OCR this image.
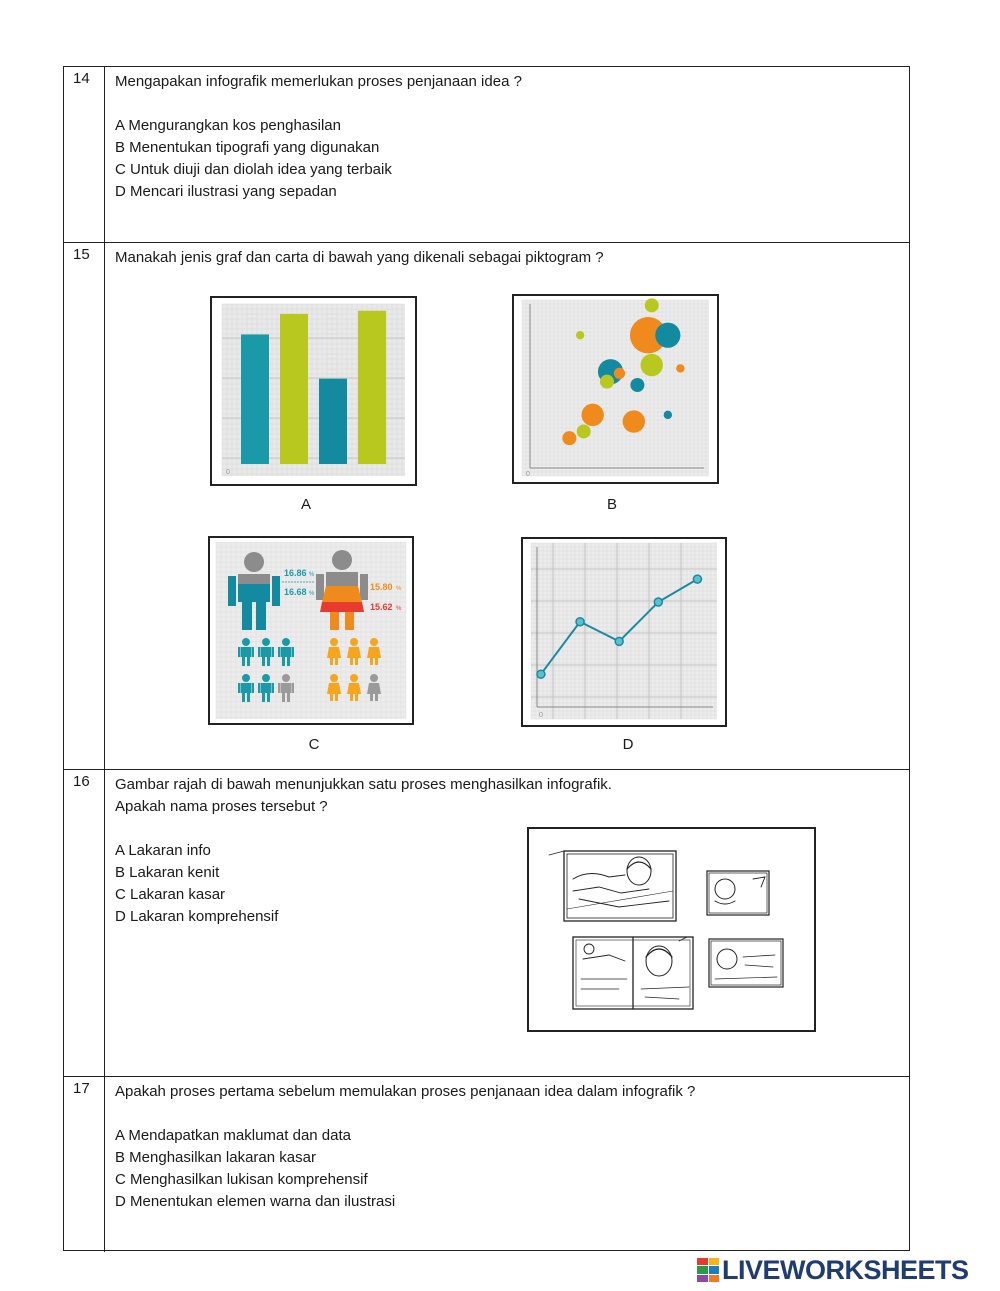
14 Mengapakan infografik memerlukan proses penjanaan idea ?

A Mengurangkan kos penghasilan
B Menentukan tipografi yang digunakan
C Untuk diuji dan diolah idea yang terbaik
D Mencari ilustrasi yang sepadan
15 Manakah jenis graf dan carta di bawah yang dikenali sebagai piktogram ?

0
A
0
B
16.86
16.68
%
%
15.80
15.62
%
%
C
0
D
16 Gambar rajah di bawah menunjukkan satu proses menghasilkan infografik.

Apakah nama proses tersebut ?

A Lakaran info
B Lakaran kenit
C Lakaran kasar
D Lakaran komprehensif
17 Apakah proses pertama sebelum memulakan proses penjanaan idea dalam infografik ?

A Mendapatkan maklumat dan data
B Menghasilkan lakaran kasar
C Menghasilkan lukisan komprehensif
D Menentukan elemen warna dan ilustrasi
LIVEWORKSHEETS
